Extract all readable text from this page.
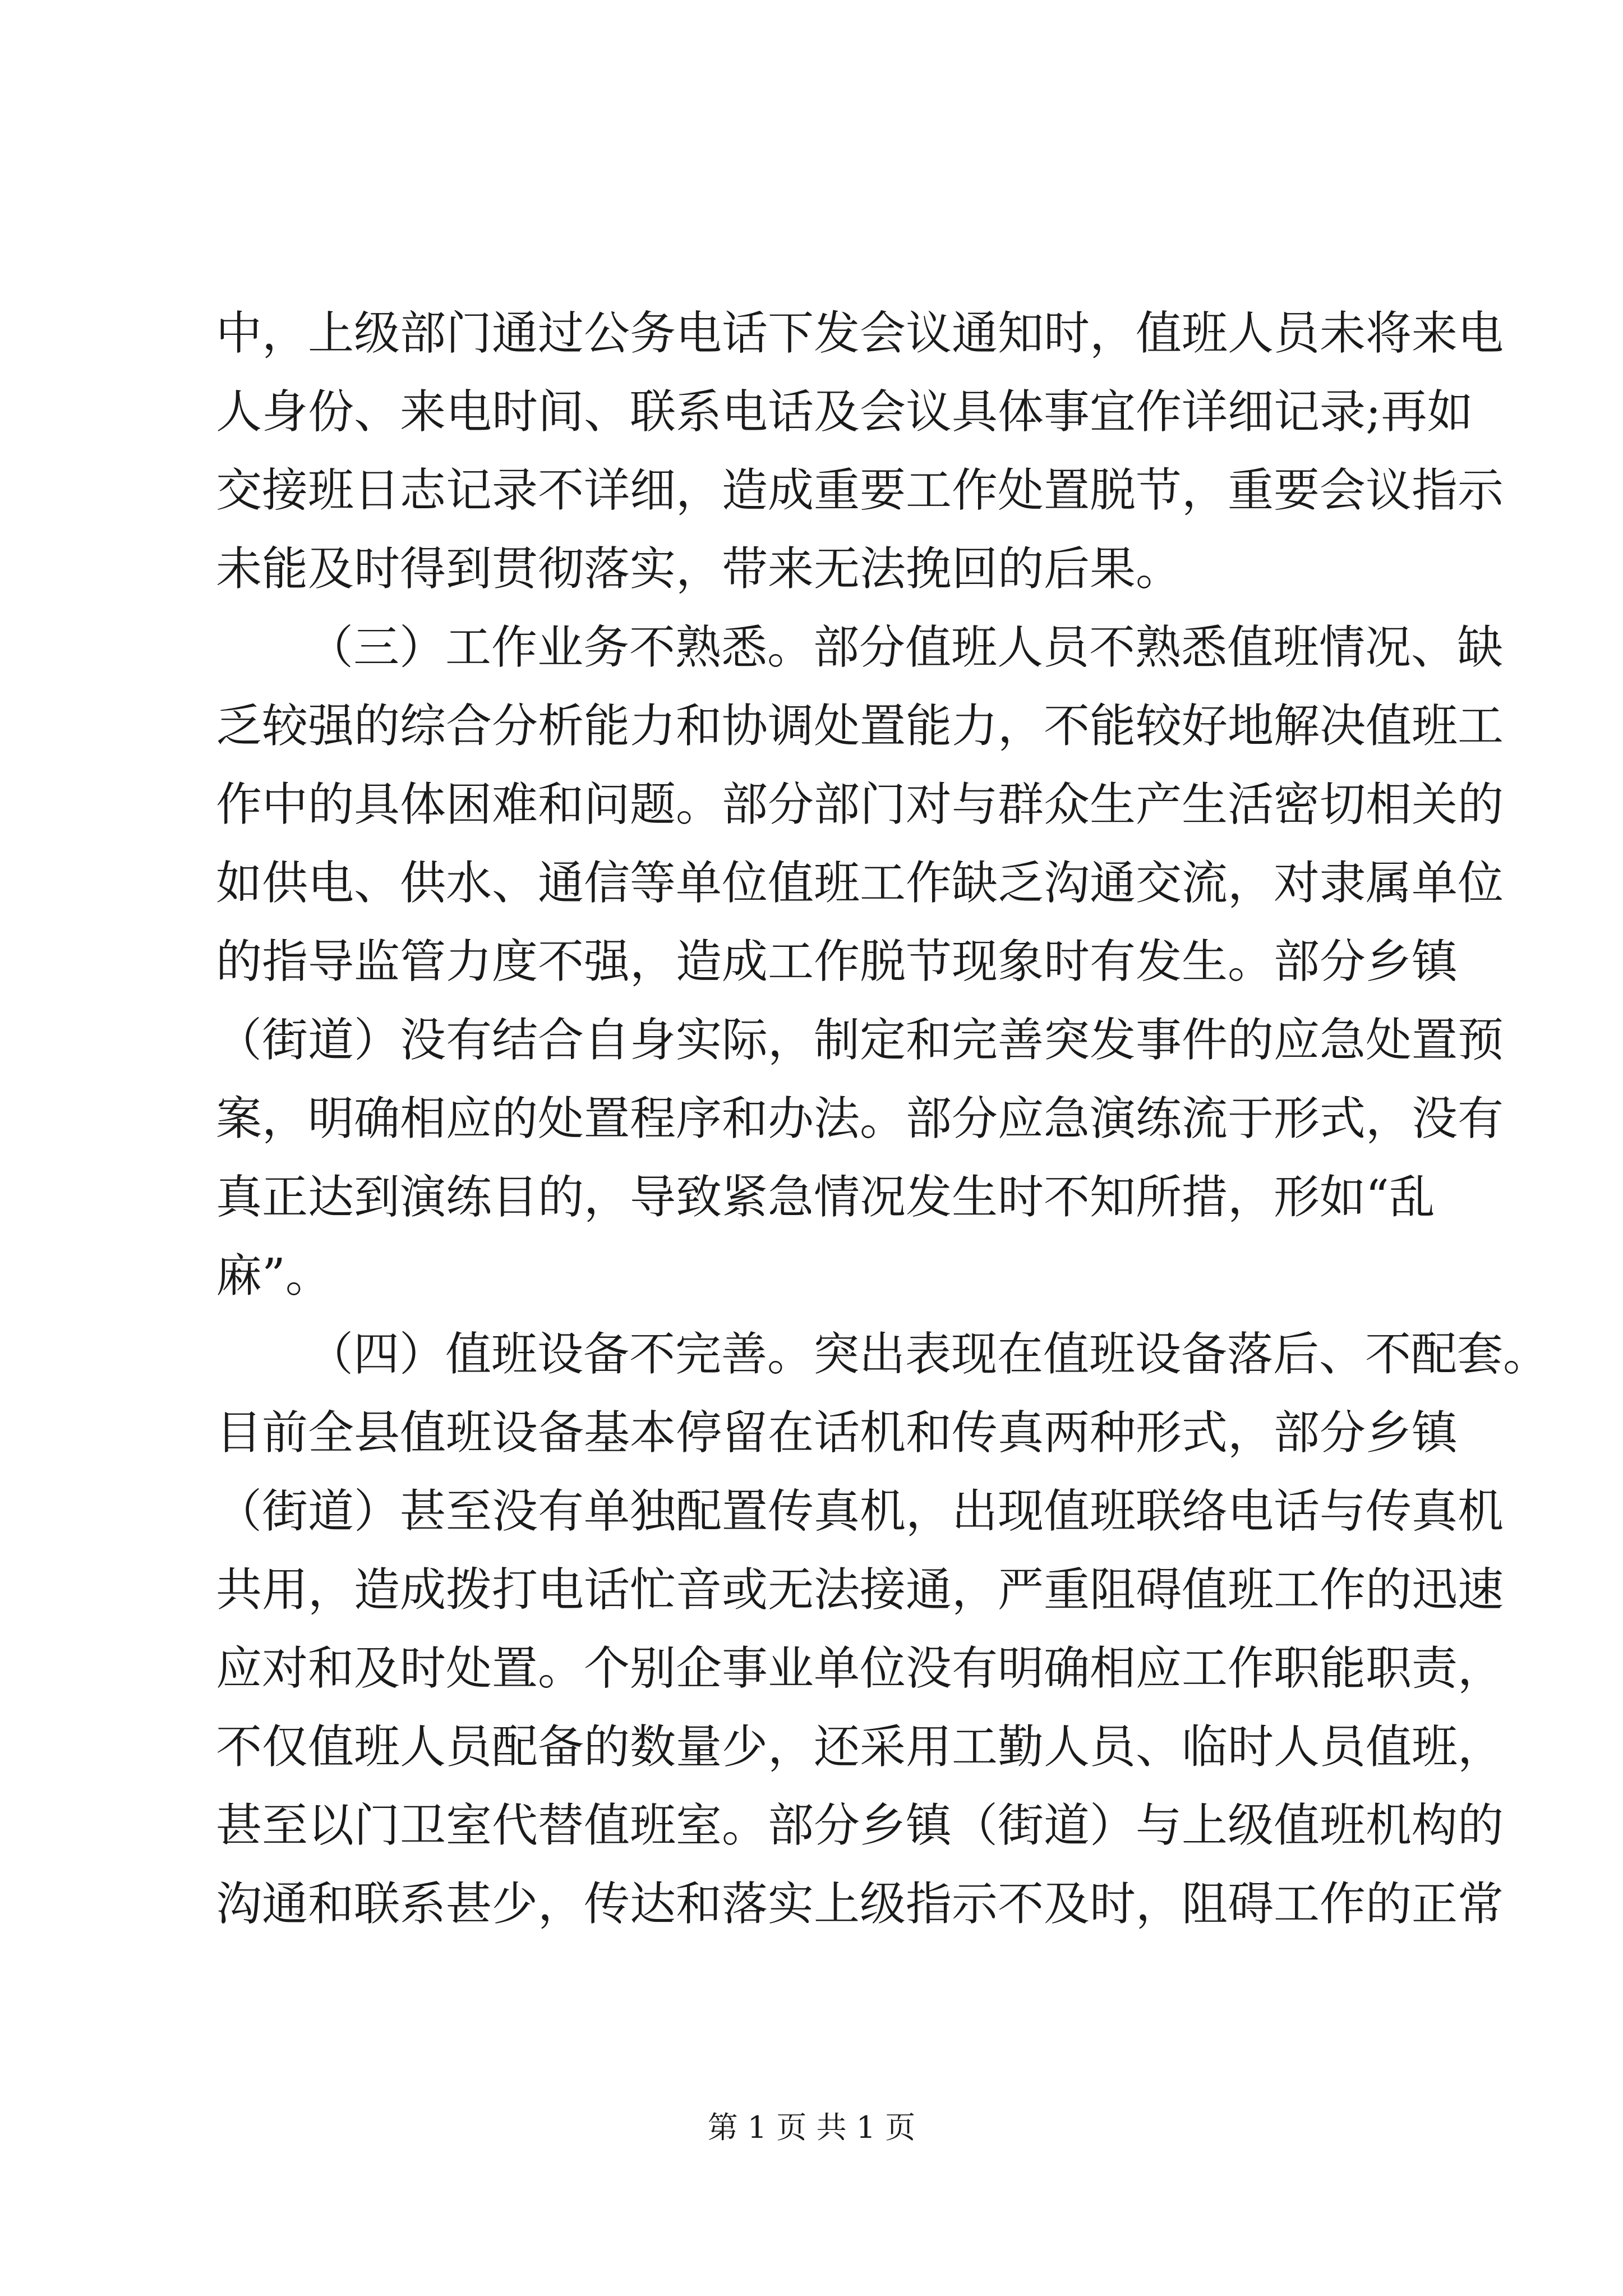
中，上级部门通过公务电话下发会议通知时，值班人员未将来电
人身份、来电时间、联系电话及会议具体事宜作详细记录;再如
交接班日志记录不详细，造成重要工作处置脱节，重要会议指示
未能及时得到贯彻落实，带来无法挽回的后果。
（三）工作业务不熟悉。部分值班人员不熟悉值班情况、缺
乏较强的综合分析能力和协调处置能力，不能较好地解决值班工
作中的具体困难和问题。部分部门对与群众生产生活密切相关的
如供电、供水、通信等单位值班工作缺乏沟通交流，对隶属单位
的指导监管力度不强，造成工作脱节现象时有发生。部分乡镇
（街道）没有结合自身实际，制定和完善突发事件的应急处置预
案，明确相应的处置程序和办法。部分应急演练流于形式，没有
真正达到演练目的，导致紧急情况发生时不知所措，形如“乱
麻”。
（四）值班设备不完善。突出表现在值班设备落后、不配套。
目前全县值班设备基本停留在话机和传真两种形式，部分乡镇
（街道）甚至没有单独配置传真机，出现值班联络电话与传真机
共用，造成拨打电话忙音或无法接通，严重阻碍值班工作的迅速
应对和及时处置。个别企事业单位没有明确相应工作职能职责，
不仅值班人员配备的数量少，还采用工勤人员、临时人员值班，
甚至以门卫室代替值班室。部分乡镇（街道）与上级值班机构的
沟通和联系甚少，传达和落实上级指示不及时，阻碍工作的正常
第 1 页 共 1 页
